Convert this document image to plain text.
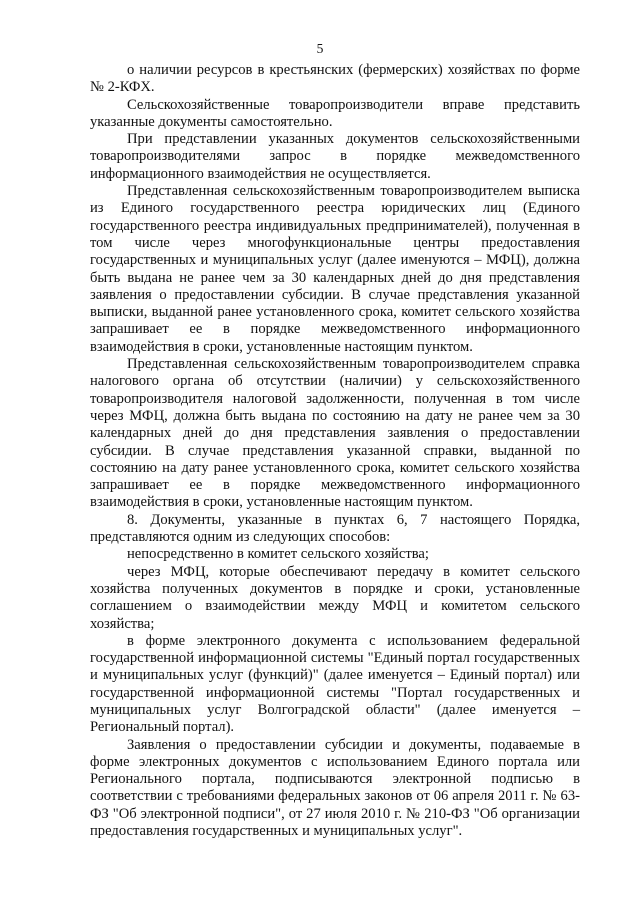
5

о наличии ресурсов в крестьянских (фермерских) хозяйствах по форме № 2-КФХ.

Сельскохозяйственные товаропроизводители вправе представить указанные документы самостоятельно.

При представлении указанных документов сельскохозяйственными товаропроизводителями запрос в порядке межведомственного информационного взаимодействия не осуществляется.

Представленная сельскохозяйственным товаропроизводителем выписка из Единого государственного реестра юридических лиц (Единого государственного реестра индивидуальных предпринимателей), полученная в том числе через многофункциональные центры предоставления государственных и муниципальных услуг (далее именуются – МФЦ), должна быть выдана не ранее чем за 30 календарных дней до дня представления заявления о предоставлении субсидии. В случае представления указанной выписки, выданной ранее установленного срока, комитет сельского хозяйства запрашивает ее в порядке межведомственного информационного взаимодействия в сроки, установленные настоящим пунктом.

Представленная сельскохозяйственным товаропроизводителем справка налогового органа об отсутствии (наличии) у сельскохозяйственного товаропроизводителя налоговой задолженности, полученная в том числе через МФЦ, должна быть выдана по состоянию на дату не ранее чем за 30 календарных дней до дня представления заявления о предоставлении субсидии. В случае представления указанной справки, выданной по состоянию на дату ранее установленного срока, комитет сельского хозяйства запрашивает ее в порядке межведомственного информационного взаимодействия в сроки, установленные настоящим пунктом.

8. Документы, указанные в пунктах 6, 7 настоящего Порядка, представляются одним из следующих способов:

непосредственно в комитет сельского хозяйства;

через МФЦ, которые обеспечивают передачу в комитет сельского хозяйства полученных документов в порядке и сроки, установленные соглашением о взаимодействии между МФЦ и комитетом сельского хозяйства;

в форме электронного документа с использованием федеральной государственной информационной системы "Единый портал государственных и муниципальных услуг (функций)" (далее именуется – Единый портал) или государственной информационной системы "Портал государственных и муниципальных услуг Волгоградской области" (далее именуется – Региональный портал).

Заявления о предоставлении субсидии и документы, подаваемые в форме электронных документов с использованием Единого портала или Регионального портала, подписываются электронной подписью в соответствии с требованиями федеральных законов от 06 апреля 2011 г. № 63-ФЗ "Об электронной подписи", от 27 июля 2010 г. № 210-ФЗ "Об организации предоставления государственных и муниципальных услуг".
